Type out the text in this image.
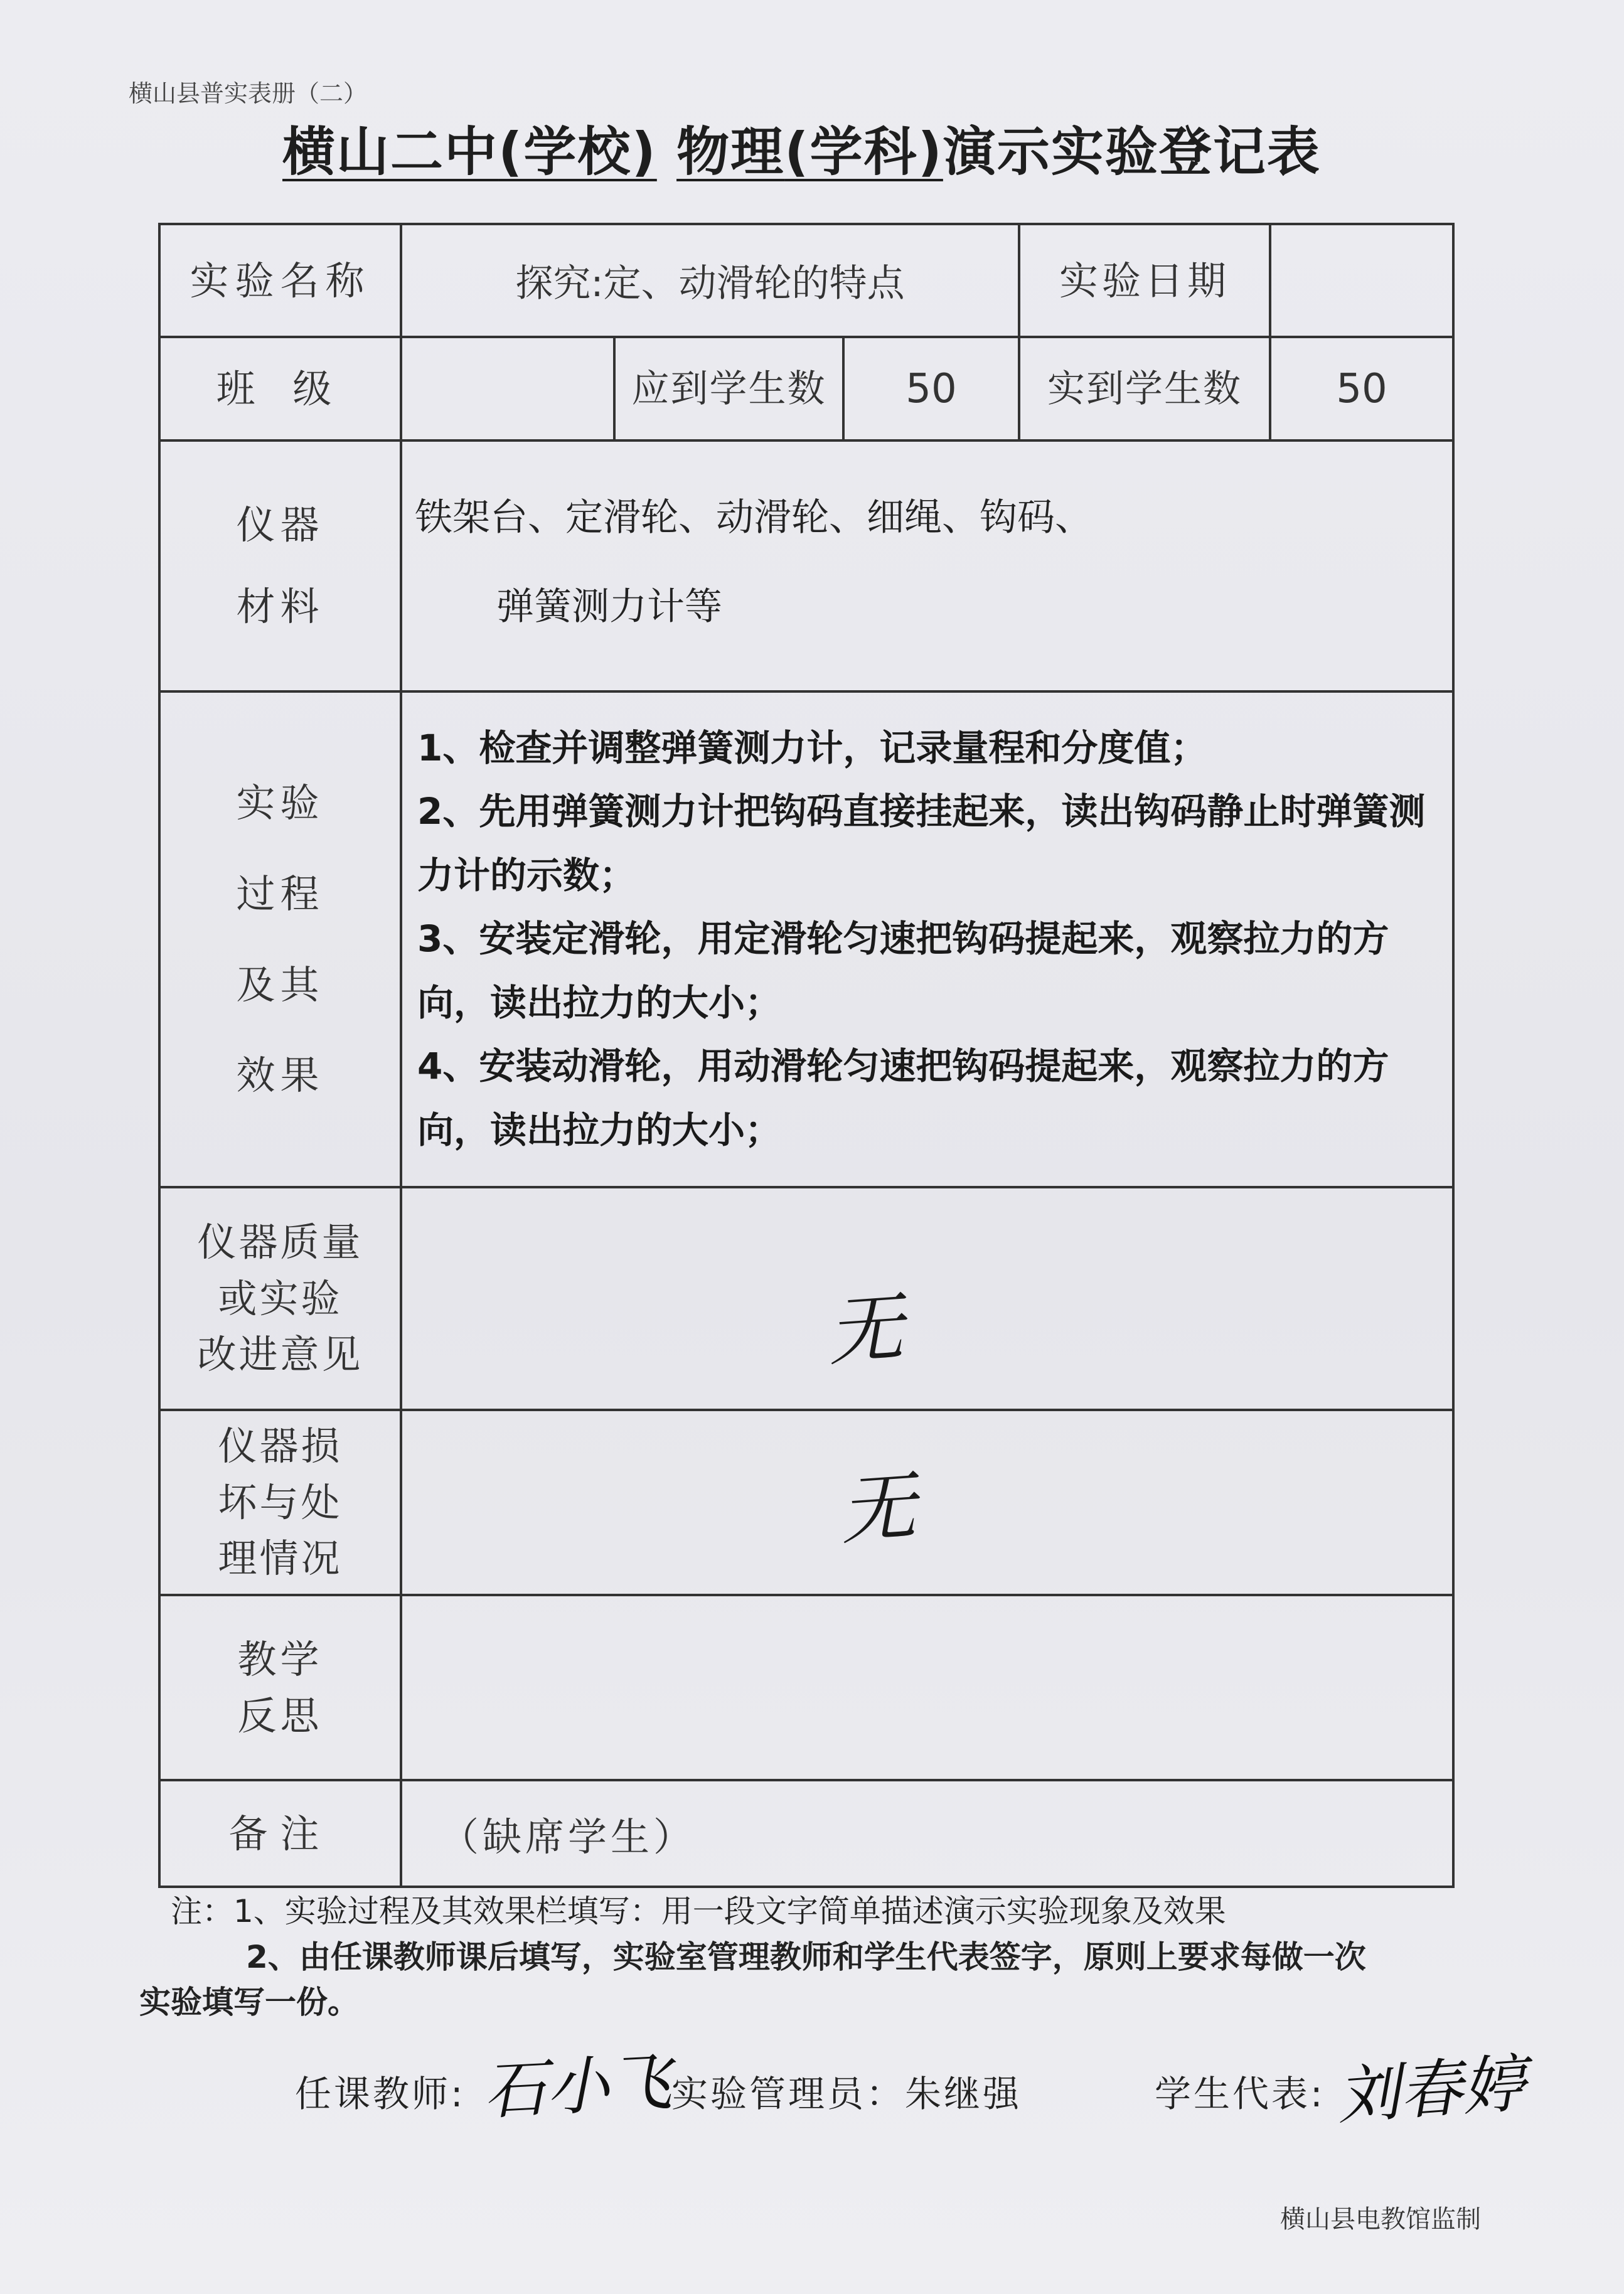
横山县普实表册（二）
横山二中(学校) 物理(学科)演示实验登记表
实验名称	探究:定、动滑轮的特点			实验日期	
班 级		应到学生数	50	实到学生数	50

仪器
材料	铁架台、定滑轮、动滑轮、细绳、钩码、
弹簧测力计等				

实验
过程
及其
效果	1、检查并调整弹簧测力计，记录量程和分度值；
2、先用弹簧测力计把钩码直接挂起来，读出钩码静止时弹簧测力计的示数；
3、安装定滑轮，用定滑轮匀速把钩码提起来，观察拉力的方向，读出拉力的大小；
4、安装动滑轮，用动滑轮匀速把钩码提起来，观察拉力的方向，读出拉力的大小；				

仪器质量
或实验
改进意见	无				

仪器损
坏与处
理情况	无				

教学
反思					

备注	（缺席学生）				
注：1、实验过程及其效果栏填写：用一段文字简单描述演示实验现象及效果
2、由任课教师课后填写，实验室管理教师和学生代表签字，原则上要求每做一次
实验填写一份。
任课教师: 石小飞
实验管理员：朱继强	学生代表: 刘春婷
横山县电教馆监制
